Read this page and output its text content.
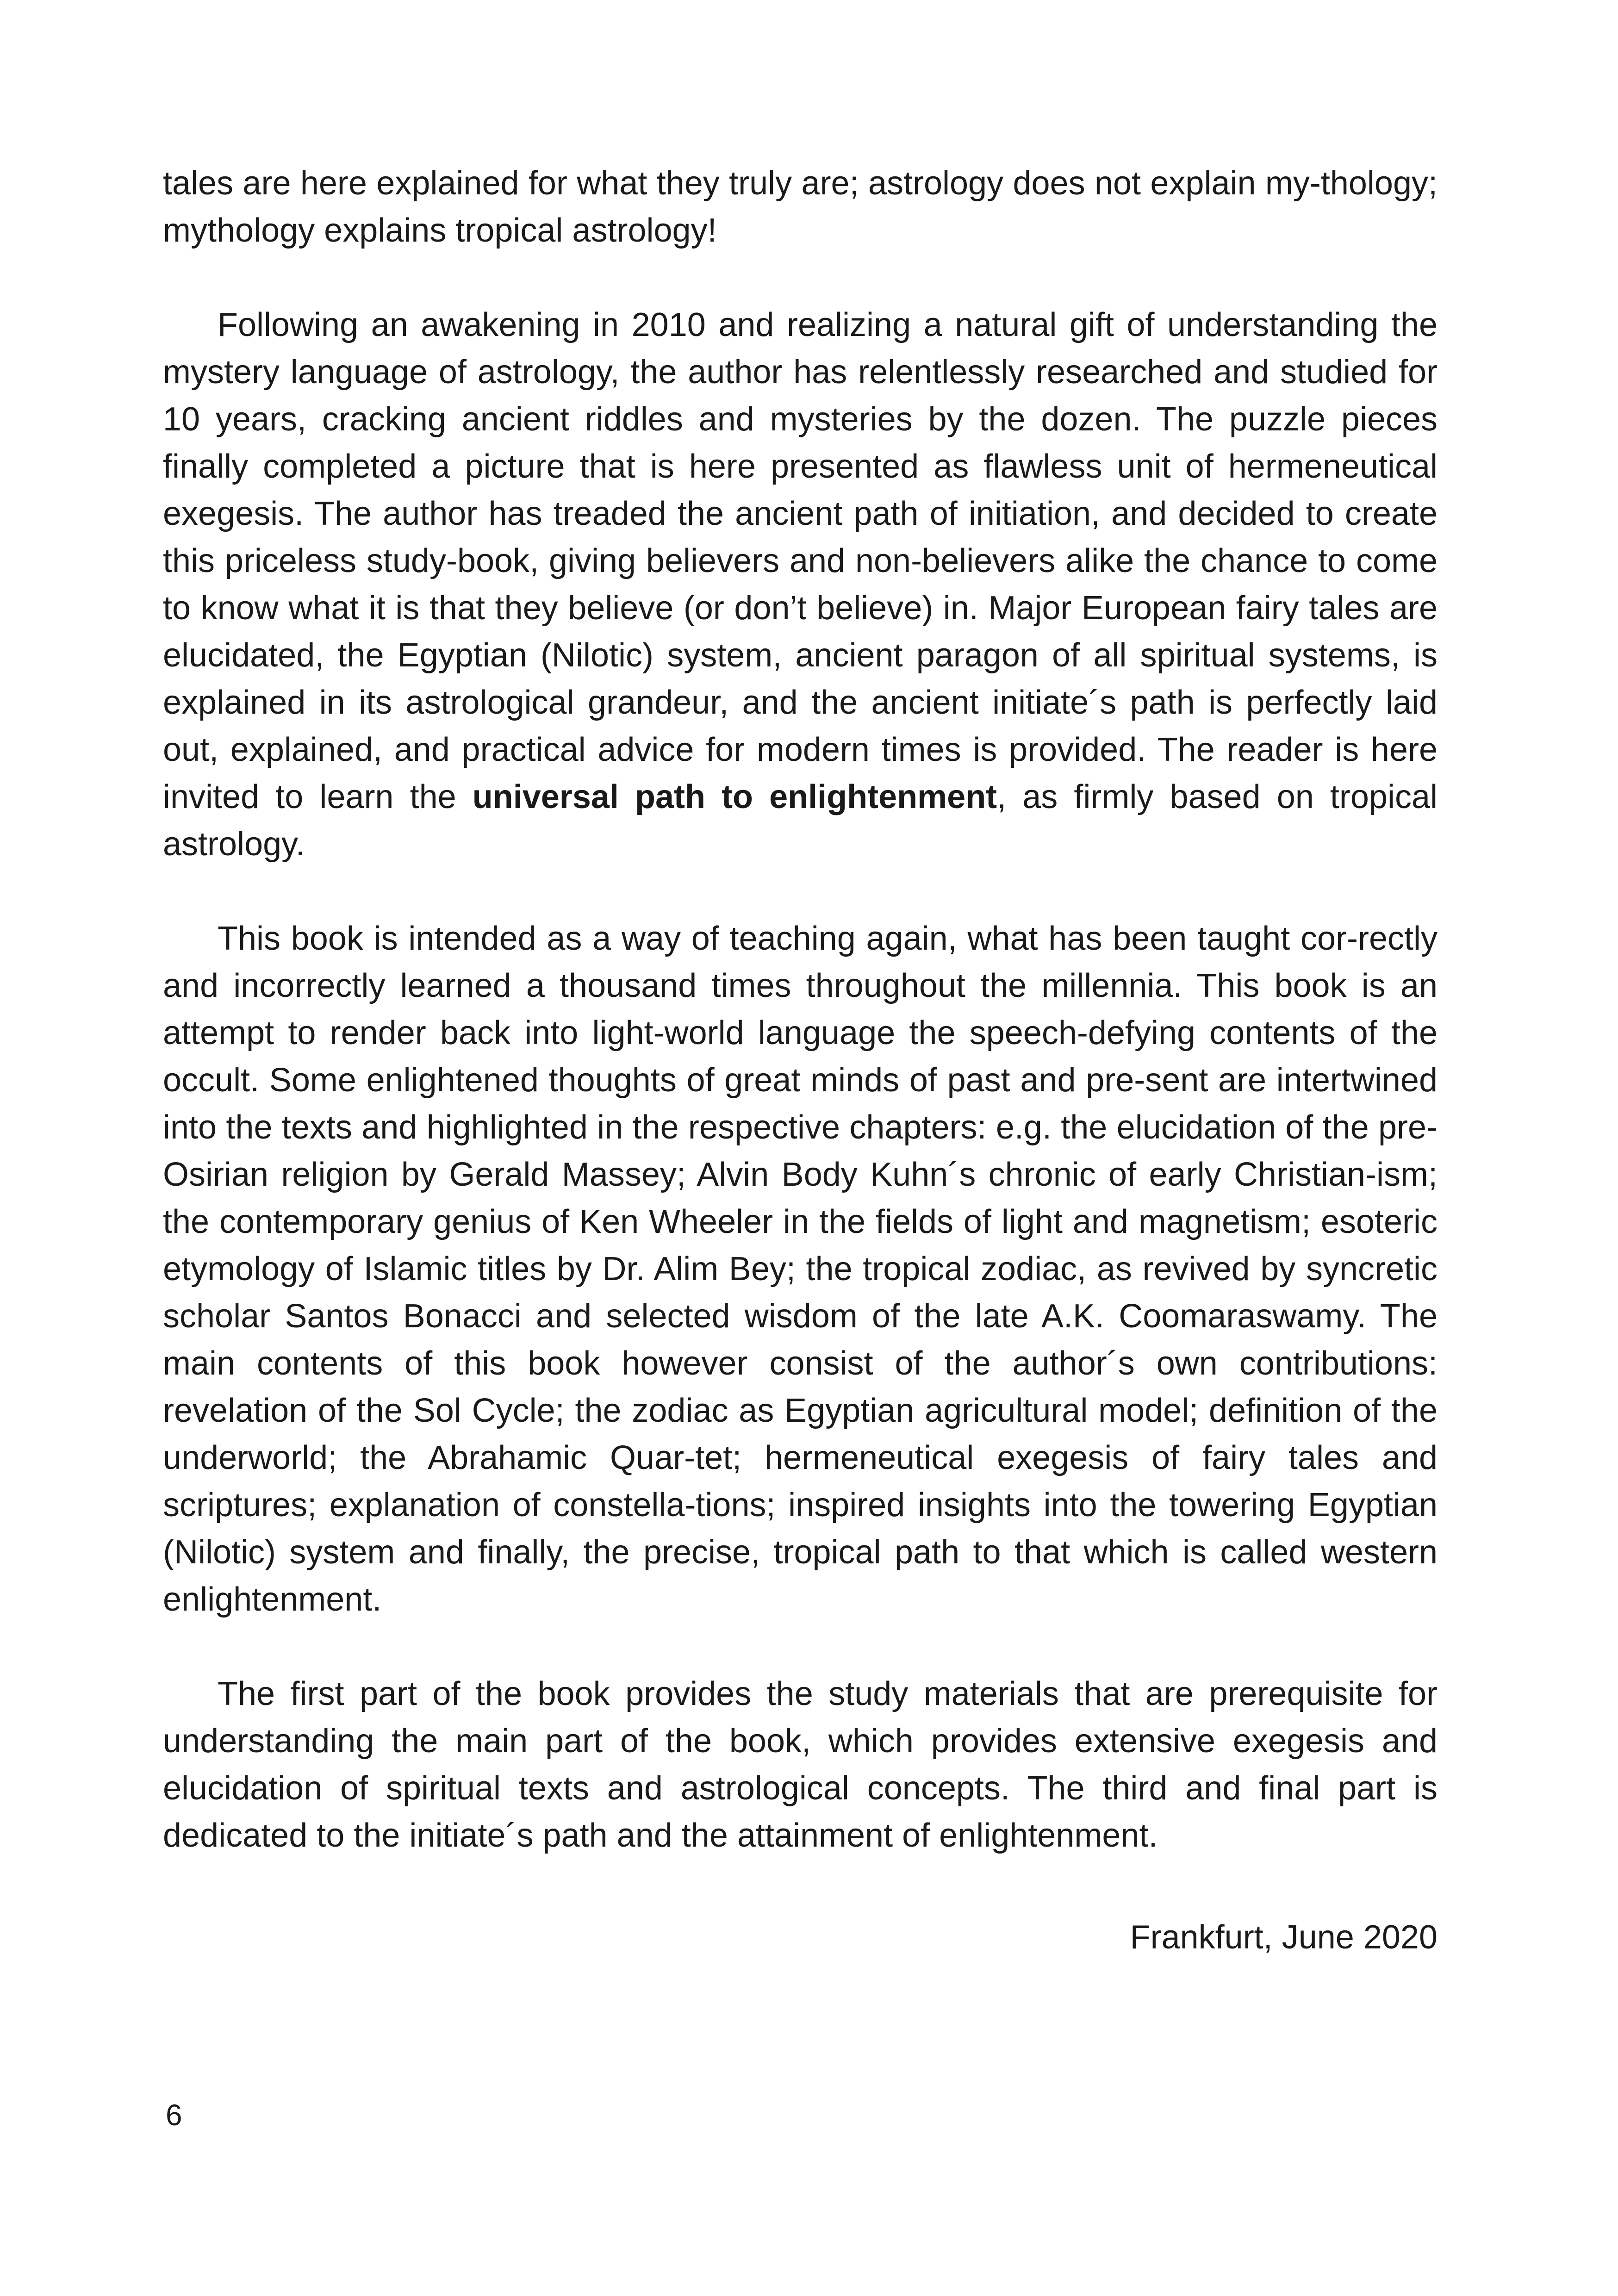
tales are here explained for what they truly are; astrology does not explain my-thology; mythology explains tropical astrology!

Following an awakening in 2010 and realizing a natural gift of understanding the mystery language of astrology, the author has relentlessly researched and studied for 10 years, cracking ancient riddles and mysteries by the dozen. The puzzle pieces finally completed a picture that is here presented as flawless unit of hermeneutical exegesis. The author has treaded the ancient path of initiation, and decided to create this priceless study-book, giving believers and non-believers alike the chance to come to know what it is that they believe (or don’t believe) in. Major European fairy tales are elucidated, the Egyptian (Nilotic) system, ancient paragon of all spiritual systems, is explained in its astrological grandeur, and the ancient initiate´s path is perfectly laid out, explained, and practical advice for modern times is provided. The reader is here invited to learn the universal path to enlightenment, as firmly based on tropical astrology.

This book is intended as a way of teaching again, what has been taught cor-rectly and incorrectly learned a thousand times throughout the millennia. This book is an attempt to render back into light-world language the speech-defying contents of the occult. Some enlightened thoughts of great minds of past and pre-sent are intertwined into the texts and highlighted in the respective chapters: e.g. the elucidation of the pre-Osirian religion by Gerald Massey; Alvin Body Kuhn´s chronic of early Christian-ism; the contemporary genius of Ken Wheeler in the fields of light and magnetism; esoteric etymology of Islamic titles by Dr. Alim Bey; the tropical zodiac, as revived by syncretic scholar Santos Bonacci and selected wisdom of the late A.K. Coomaraswamy. The main contents of this book however consist of the author´s own contributions: revelation of the Sol Cycle; the zodiac as Egyptian agricultural model; definition of the underworld; the Abrahamic Quar-tet; hermeneutical exegesis of fairy tales and scriptures; explanation of constella-tions; inspired insights into the towering Egyptian (Nilotic) system and finally, the precise, tropical path to that which is called western enlightenment.

The first part of the book provides the study materials that are prerequisite for understanding the main part of the book, which provides extensive exegesis and elucidation of spiritual texts and astrological concepts. The third and final part is dedicated to the initiate´s path and the attainment of enlightenment.

Frankfurt, June 2020
6
